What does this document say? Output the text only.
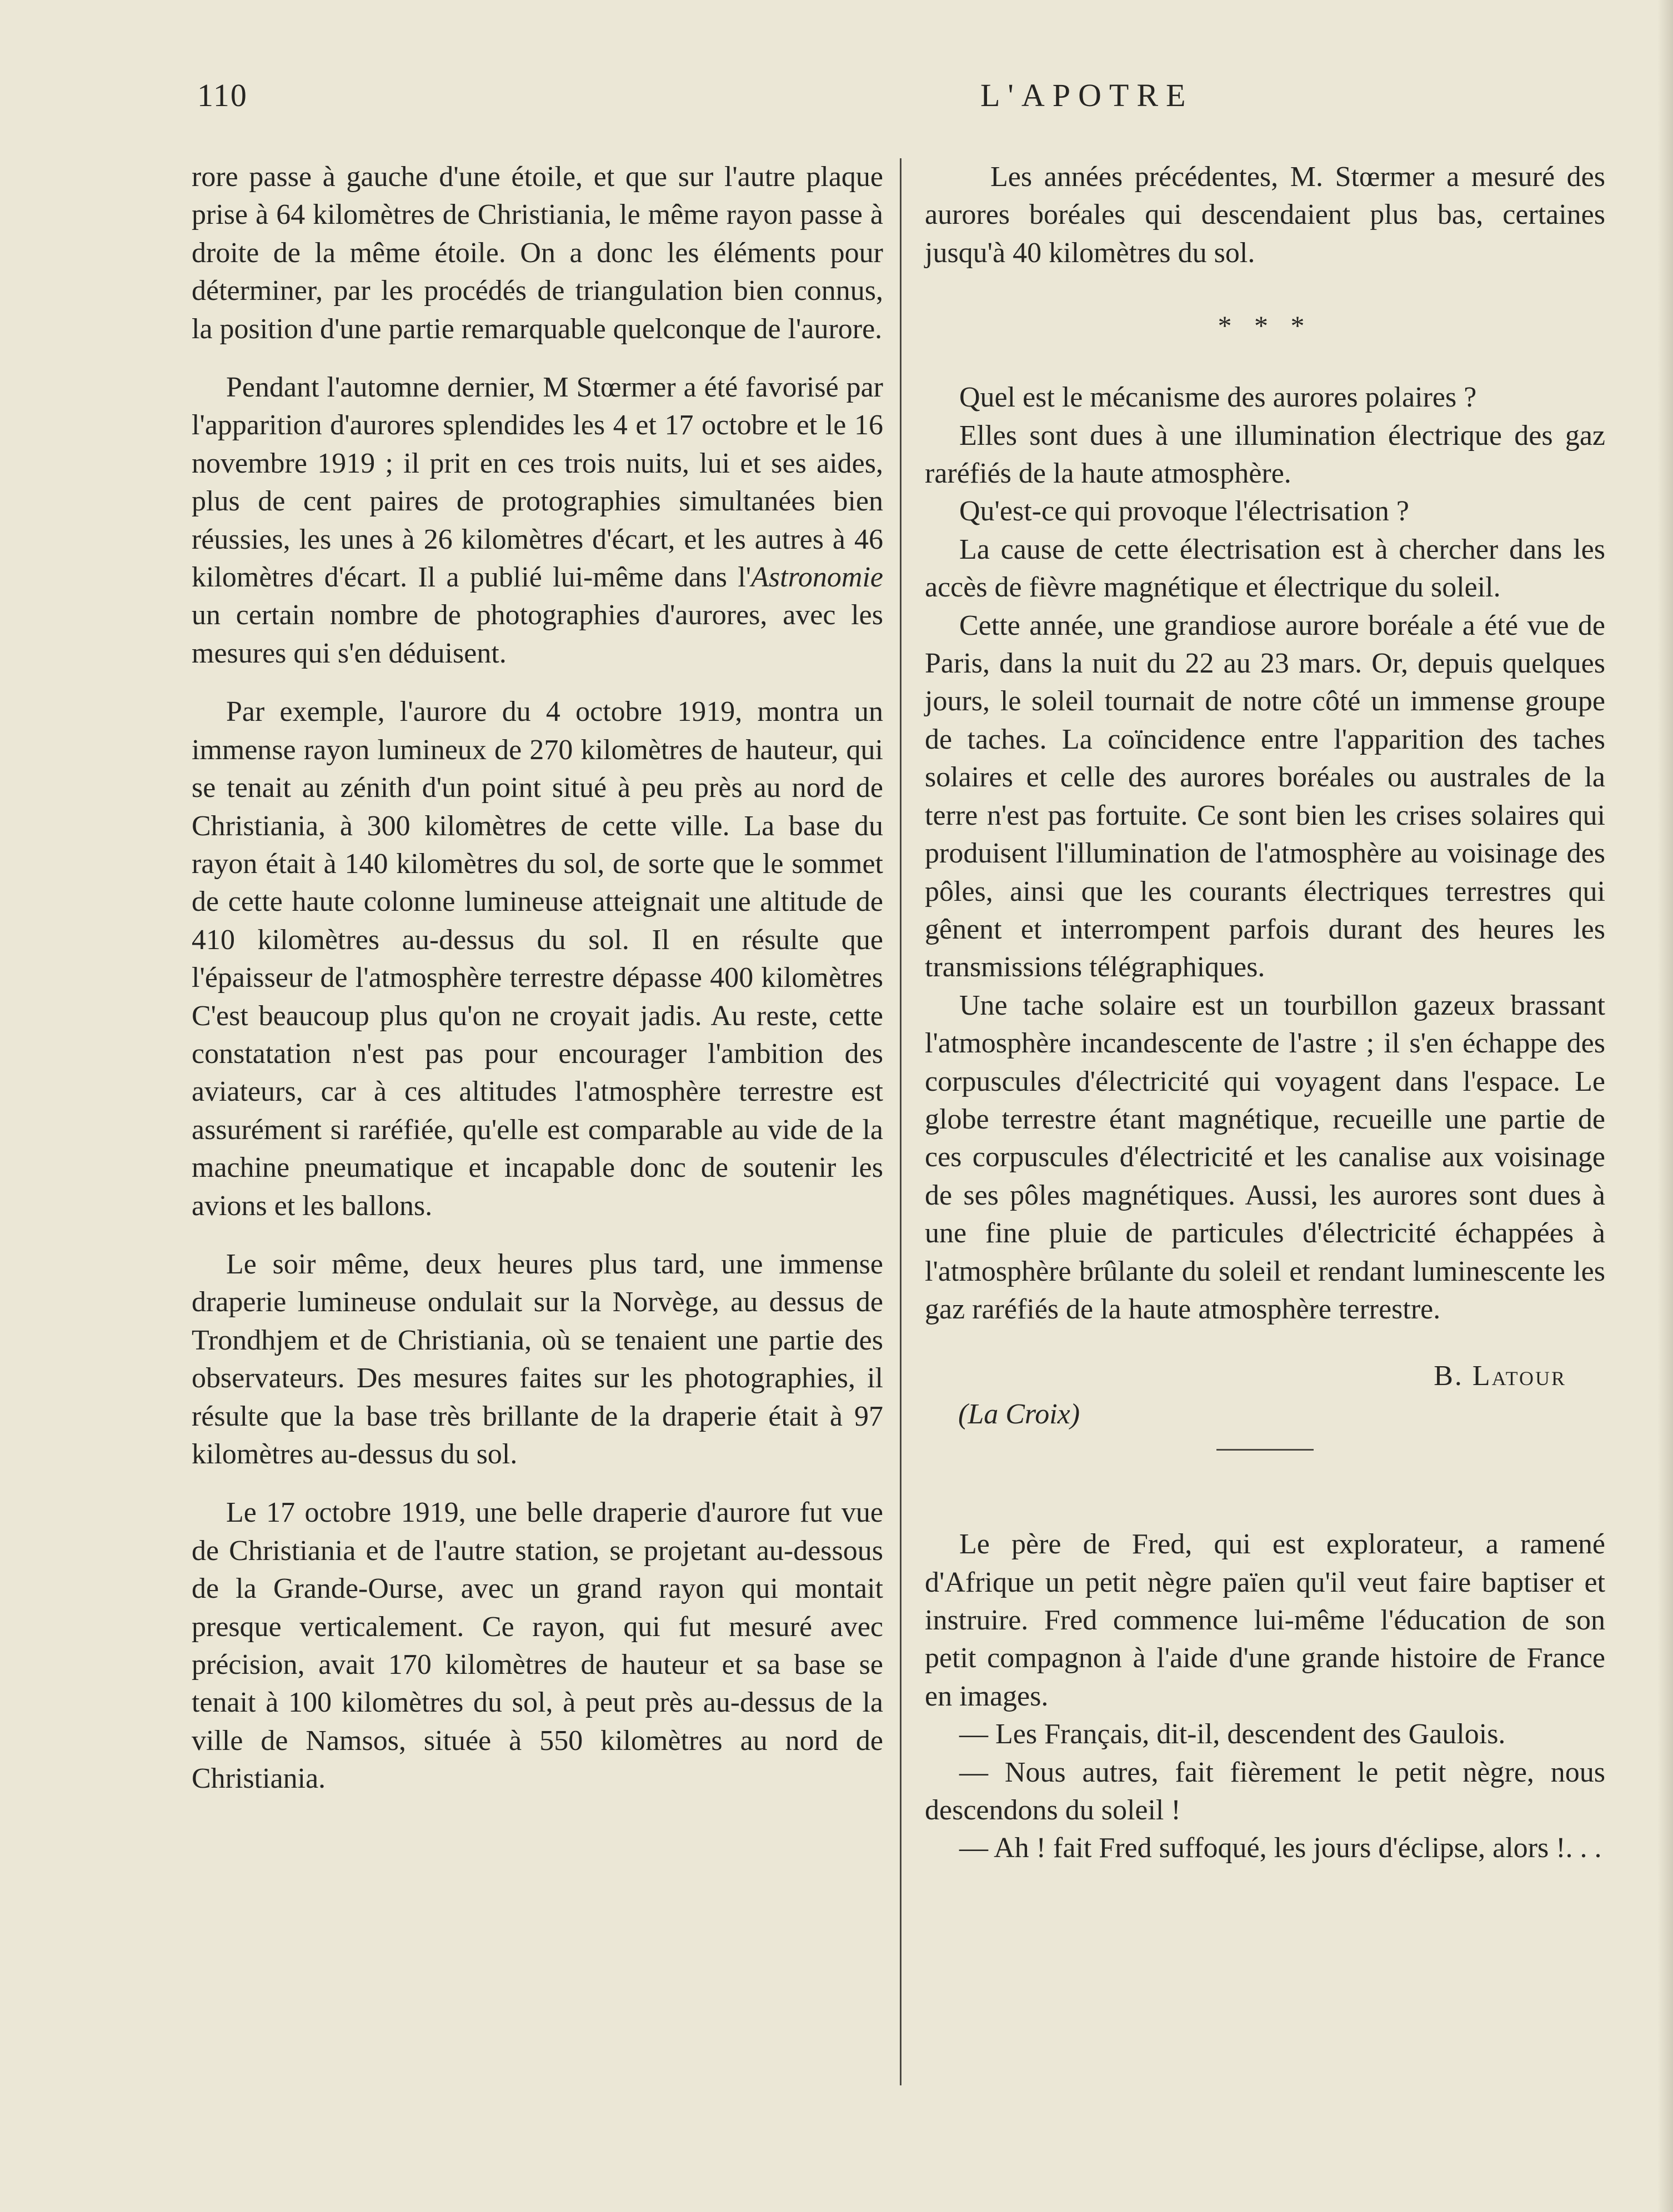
110	L'APOTRE

rore passe à gauche d'une étoile, et que sur l'autre plaque prise à 64 kilomètres de Christiania, le même rayon passe à droite de la même étoile. On a donc les éléments pour déterminer, par les procédés de triangulation bien connus, la position d'une partie remarquable quelconque de l'aurore.

Pendant l'automne dernier, M Stœrmer a été favorisé par l'apparition d'aurores splendides les 4 et 17 octobre et le 16 novembre 1919 ; il prit en ces trois nuits, lui et ses aides, plus de cent paires de protographies simultanées bien réussies, les unes à 26 kilomètres d'écart, et les autres à 46 kilomètres d'écart. Il a publié lui-même dans l'Astronomie un certain nombre de photographies d'aurores, avec les mesures qui s'en déduisent.

Par exemple, l'aurore du 4 octobre 1919, montra un immense rayon lumineux de 270 kilomètres de hauteur, qui se tenait au zénith d'un point situé à peu près au nord de Christiania, à 300 kilomètres de cette ville. La base du rayon était à 140 kilomètres du sol, de sorte que le sommet de cette haute colonne lumineuse atteignait une altitude de 410 kilomètres au-dessus du sol. Il en résulte que l'épaisseur de l'atmosphère terrestre dépasse 400 kilomètres C'est beaucoup plus qu'on ne croyait jadis. Au reste, cette constatation n'est pas pour encourager l'ambition des aviateurs, car à ces altitudes l'atmosphère terrestre est assurément si raréfiée, qu'elle est comparable au vide de la machine pneumatique et incapable donc de soutenir les avions et les ballons.

Le soir même, deux heures plus tard, une immense draperie lumineuse ondulait sur la Norvège, au dessus de Trondhjem et de Christiania, où se tenaient une partie des observateurs. Des mesures faites sur les photographies, il résulte que la base très brillante de la draperie était à 97 kilomètres au-dessus du sol.

Le 17 octobre 1919, une belle draperie d'aurore fut vue de Christiania et de l'autre station, se projetant au-dessous de la Grande-Ourse, avec un grand rayon qui montait presque verticalement. Ce rayon, qui fut mesuré avec précision, avait 170 kilomètres de hauteur et sa base se tenait à 100 kilomètres du sol, à peut près au-dessus de la ville de Namsos, située à 550 kilomètres au nord de Christiania.

Les années précédentes, M. Stœrmer a mesuré des aurores boréales qui descendaient plus bas, certaines jusqu'à 40 kilomètres du sol.

* * *

Quel est le mécanisme des aurores polaires ?

Elles sont dues à une illumination électrique des gaz raréfiés de la haute atmosphère.

Qu'est-ce qui provoque l'électrisation ?

La cause de cette électrisation est à chercher dans les accès de fièvre magnétique et électrique du soleil.

Cette année, une grandiose aurore boréale a été vue de Paris, dans la nuit du 22 au 23 mars. Or, depuis quelques jours, le soleil tournait de notre côté un immense groupe de taches. La coïncidence entre l'apparition des taches solaires et celle des aurores boréales ou australes de la terre n'est pas fortuite. Ce sont bien les crises solaires qui produisent l'illumination de l'atmosphère au voisinage des pôles, ainsi que les courants électriques terrestres qui gênent et interrompent parfois durant des heures les transmissions télégraphiques.

Une tache solaire est un tourbillon gazeux brassant l'atmosphère incandescente de l'astre ; il s'en échappe des corpuscules d'électricité qui voyagent dans l'espace. Le globe terrestre étant magnétique, recueille une partie de ces corpuscules d'électricité et les canalise aux voisinage de ses pôles magnétiques. Aussi, les aurores sont dues à une fine pluie de particules d'électricité échappées à l'atmosphère brûlante du soleil et rendant luminescente les gaz raréfiés de la haute atmosphère terrestre.

B. Latour
(La Croix)

Le père de Fred, qui est explorateur, a ramené d'Afrique un petit nègre païen qu'il veut faire baptiser et instruire. Fred commence lui-même l'éducation de son petit compagnon à l'aide d'une grande histoire de France en images.

— Les Français, dit-il, descendent des Gaulois.

— Nous autres, fait fièrement le petit nègre, nous descendons du soleil !

— Ah ! fait Fred suffoqué, les jours d'éclipse, alors !. . .
